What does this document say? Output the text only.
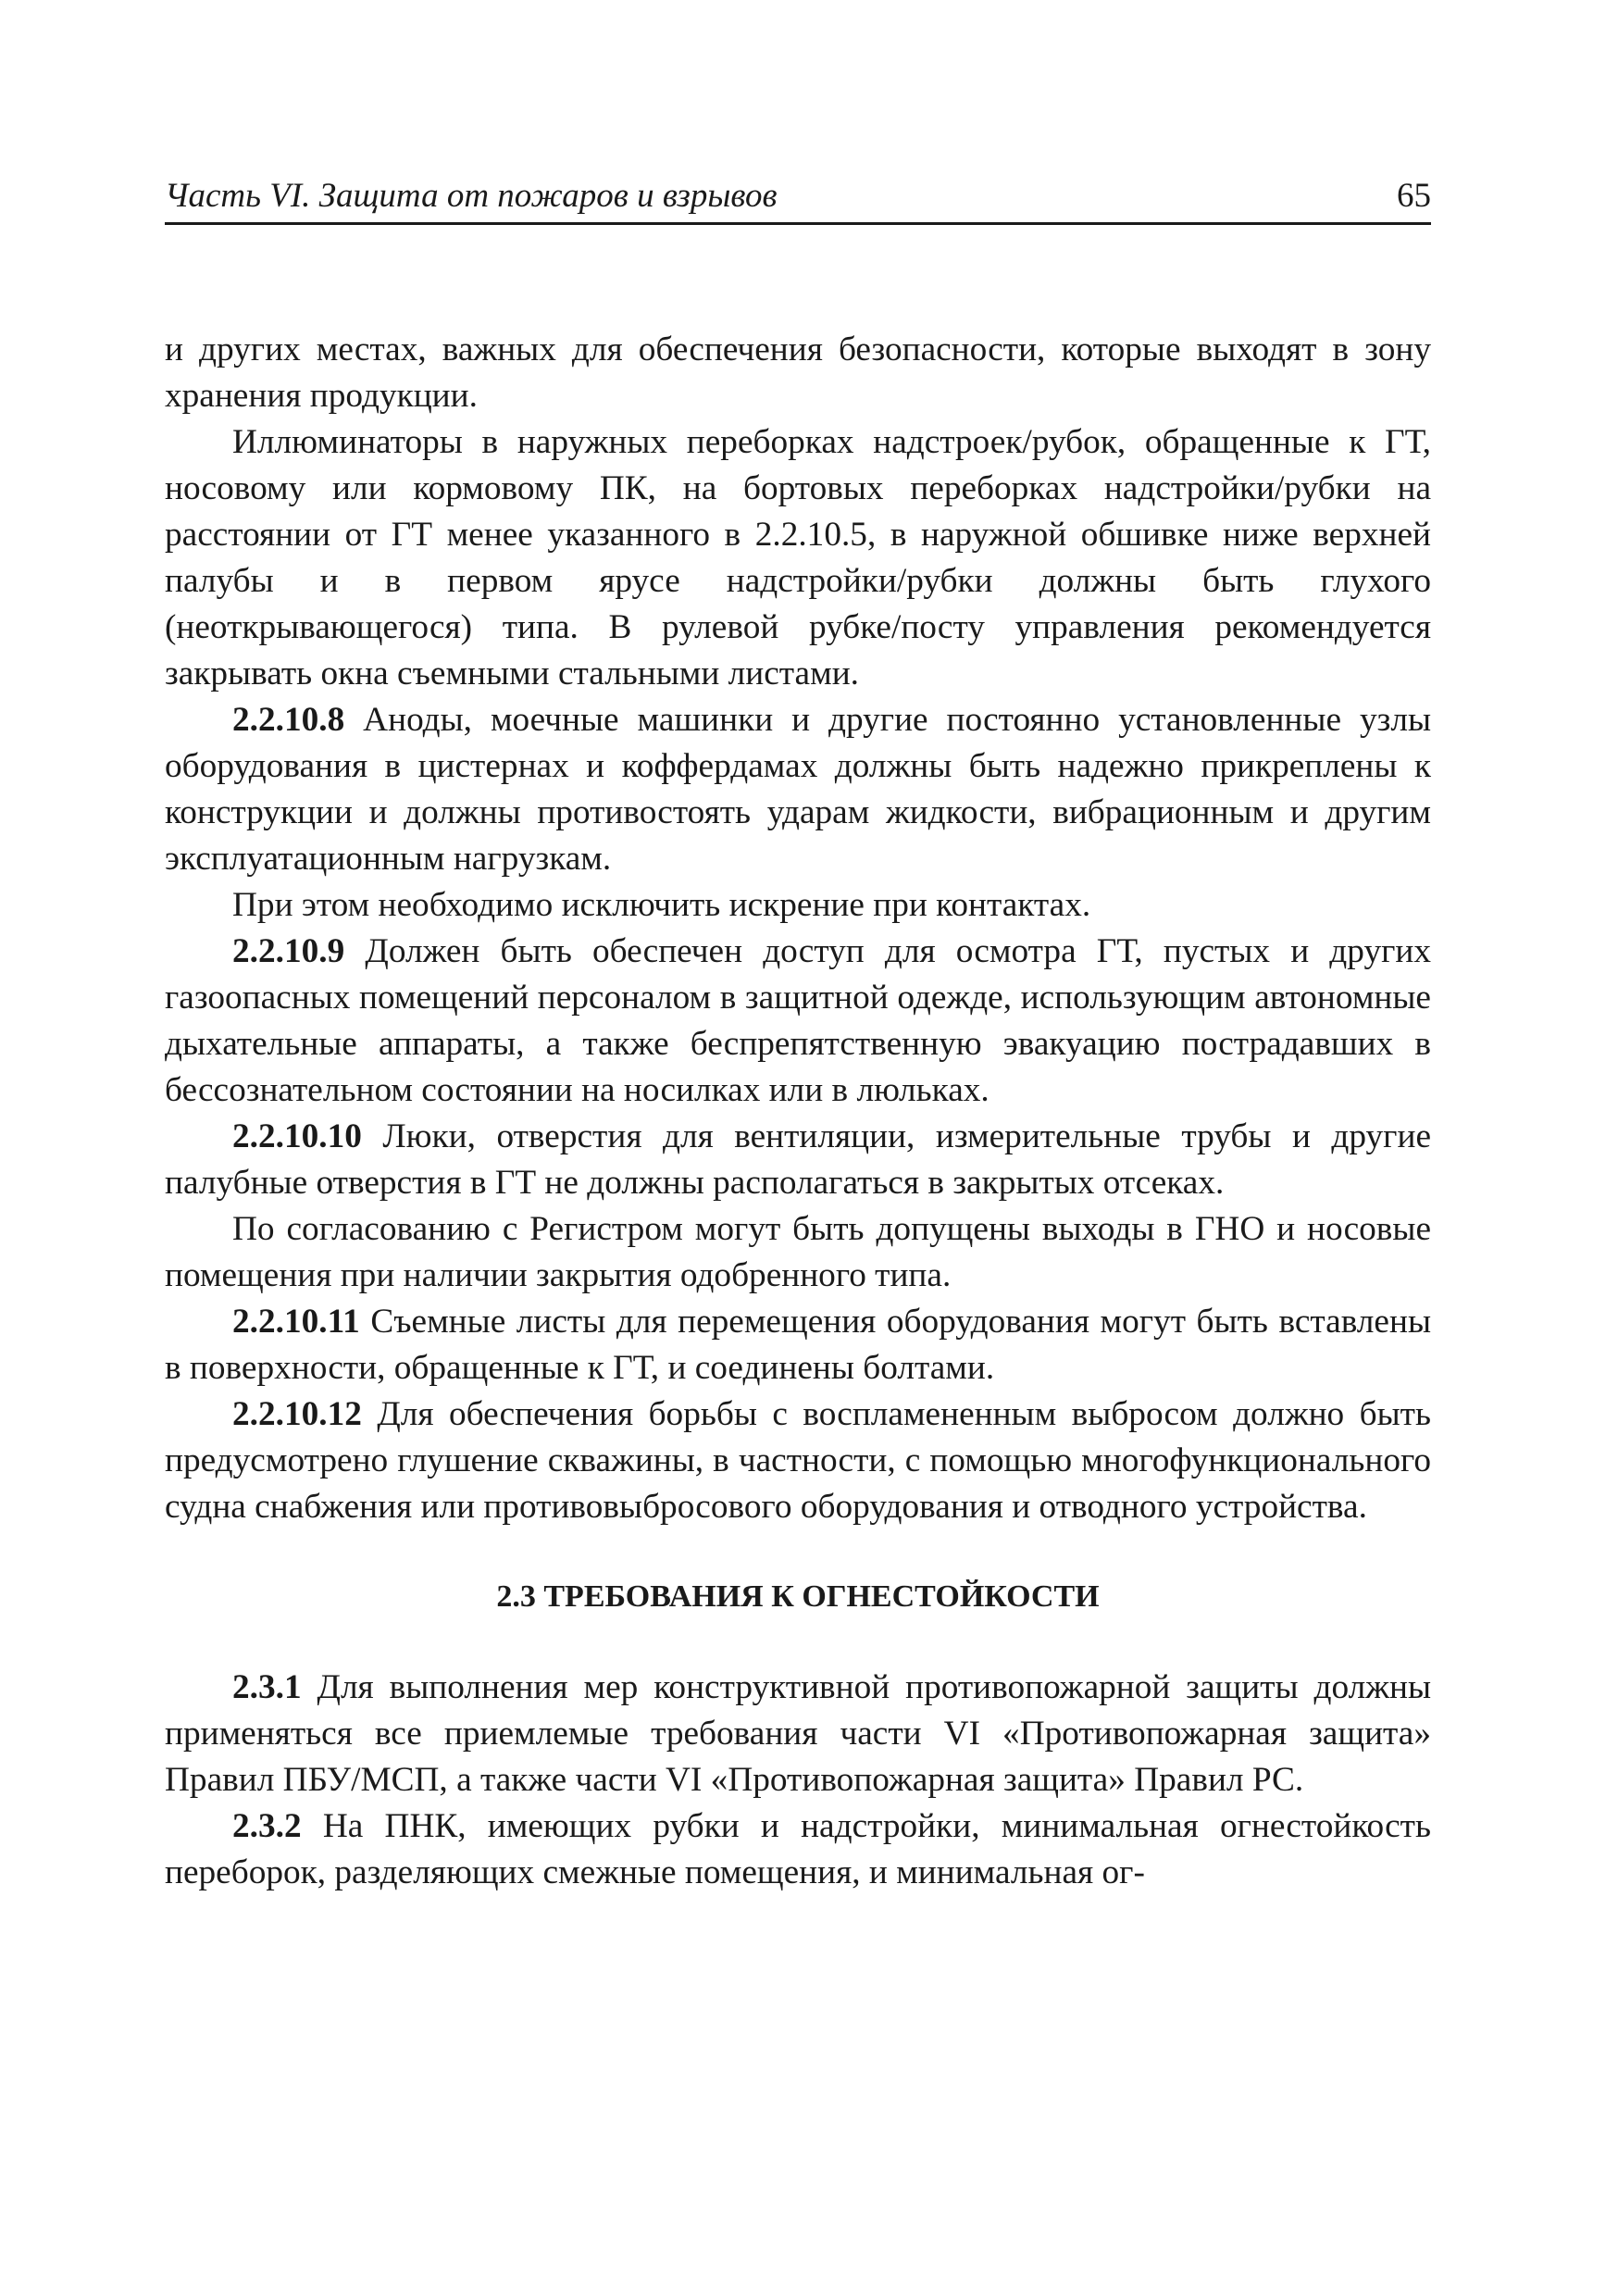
Часть VI. Защита от пожаров и взрывов	65

и других местах, важных для обеспечения безопасности, которые выходят в зону хранения продукции.

Иллюминаторы в наружных переборках надстроек/рубок, обращенные к ГТ, носовому или кормовому ПК, на бортовых переборках надстройки/рубки на расстоянии от ГТ менее указанного в 2.2.10.5, в наружной обшивке ниже верхней палубы и в первом ярусе надстройки/рубки должны быть глухого (неоткрывающегося) типа. В рулевой рубке/посту управления рекомендуется закрывать окна съемными стальными листами.

2.2.10.8 Аноды, моечные машинки и другие постоянно установленные узлы оборудования в цистернах и коффердамах должны быть надежно прикреплены к конструкции и должны противостоять ударам жидкости, вибрационным и другим эксплуатационным нагрузкам.

При этом необходимо исключить искрение при контактах.

2.2.10.9 Должен быть обеспечен доступ для осмотра ГТ, пустых и других газоопасных помещений персоналом в защитной одежде, использующим автономные дыхательные аппараты, а также беспрепятственную эвакуацию пострадавших в бессознательном состоянии на носилках или в люльках.

2.2.10.10 Люки, отверстия для вентиляции, измерительные трубы и другие палубные отверстия в ГТ не должны располагаться в закрытых отсеках.

По согласованию с Регистром могут быть допущены выходы в ГНО и носовые помещения при наличии закрытия одобренного типа.

2.2.10.11 Съемные листы для перемещения оборудования могут быть вставлены в поверхности, обращенные к ГТ, и соединены болтами.

2.2.10.12 Для обеспечения борьбы с воспламененным выбросом должно быть предусмотрено глушение скважины, в частности, с помощью многофункционального судна снабжения или противовыбросового оборудования и отводного устройства.

2.3 ТРЕБОВАНИЯ К ОГНЕСТОЙКОСТИ

2.3.1 Для выполнения мер конструктивной противопожарной защиты должны применяться все приемлемые требования части VI «Противопожарная защита» Правил ПБУ/МСП, а также части VI «Противопожарная защита» Правил РС.

2.3.2 На ПНК, имеющих рубки и надстройки, минимальная огнестойкость переборок, разделяющих смежные помещения, и минимальная ог-
